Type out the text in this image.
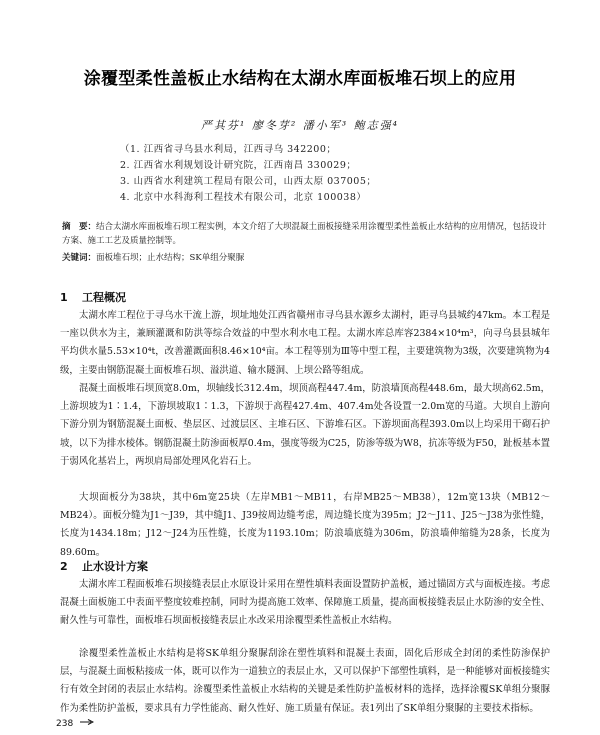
涂覆型柔性盖板止水结构在太湖水库面板堆石坝上的应用
严其芬¹ 廖冬芽² 潘小军³ 鲍志强⁴
（1. 江西省寻乌县水利局，江西寻乌 342200；
2. 江西省水利规划设计研究院，江西南昌 330029；
3. 山西省水利建筑工程局有限公司，山西太原 037005；
4. 北京中水科海利工程技术有限公司，北京 100038）
摘　要：结合太湖水库面板堆石坝工程实例，本文介绍了大坝混凝土面板接缝采用涂覆型柔性盖板止水结构的应用情况，包括设计方案、施工工艺及质量控制等。
关键词：面板堆石坝；止水结构；SK单组分聚脲
1 工程概况

太湖水库工程位于寻乌水干流上游，坝址地处江西省赣州市寻乌县水源乡太湖村，距寻乌县城约47km。本工程是一座以供水为主，兼顾灌溉和防洪等综合效益的中型水利水电工程。太湖水库总库容2384×10⁴m³，向寻乌县县城年平均供水量5.53×10⁴t，改善灌溉面积8.46×10⁴亩。本工程等别为Ⅲ等中型工程，主要建筑物为3级，次要建筑物为4级，主要由钢筋混凝土面板堆石坝、溢洪道、输水隧洞、上坝公路等组成。

混凝土面板堆石坝顶宽8.0m，坝轴线长312.4m，坝顶高程447.4m，防浪墙顶高程448.6m，最大坝高62.5m，上游坝坡为1∶1.4，下游坝坡取1∶1.3，下游坝于高程427.4m、407.4m处各设置一2.0m宽的马道。大坝自上游向下游分别为钢筋混凝土面板、垫层区、过渡层区、主堆石区、下游堆石区。下游坝面高程393.0m以上均采用干砌石护坡，以下为排水棱体。钢筋混凝土防渗面板厚0.4m，强度等级为C25，防渗等级为W8，抗冻等级为F50，趾板基本置于弱风化基岩上，两坝肩局部处理风化岩石上。

大坝面板分为38块，其中6m宽25块（左岸MB1～MB11，右岸MB25～MB38），12m宽13块（MB12～MB24）。面板分缝为J1～J39，其中缝J1、J39按周边缝考虑，周边缝长度为395m；J2～J11、J25～J38为张性缝，长度为1434.18m；J12～J24为压性缝，长度为1193.10m；防浪墙底缝为306m，防浪墙伸缩缝为28条，长度为89.60m。

2 止水设计方案

太湖水库工程面板堆石坝接缝表层止水原设计采用在塑性填料表面设置防护盖板，通过锚固方式与面板连接。考虑混凝土面板施工中表面平整度较难控制，同时为提高施工效率、保障施工质量，提高面板接缝表层止水防渗的安全性、耐久性与可靠性，面板堆石坝面板接缝表层止水改采用涂覆型柔性盖板止水结构。

涂覆型柔性盖板止水结构是将SK单组分聚脲刮涂在塑性填料和混凝土表面，固化后形成全封闭的柔性防渗保护层，与混凝土面板粘接成一体，既可以作为一道独立的表层止水，又可以保护下部塑性填料，是一种能够对面板接缝实行有效全封闭的表层止水结构。涂覆型柔性盖板止水结构的关键是柔性防护盖板材料的选择，选择涂覆SK单组分聚脲作为柔性防护盖板，要求具有力学性能高、耐久性好、施工质量有保证。表1列出了SK单组分聚脲的主要技术指标。

238
